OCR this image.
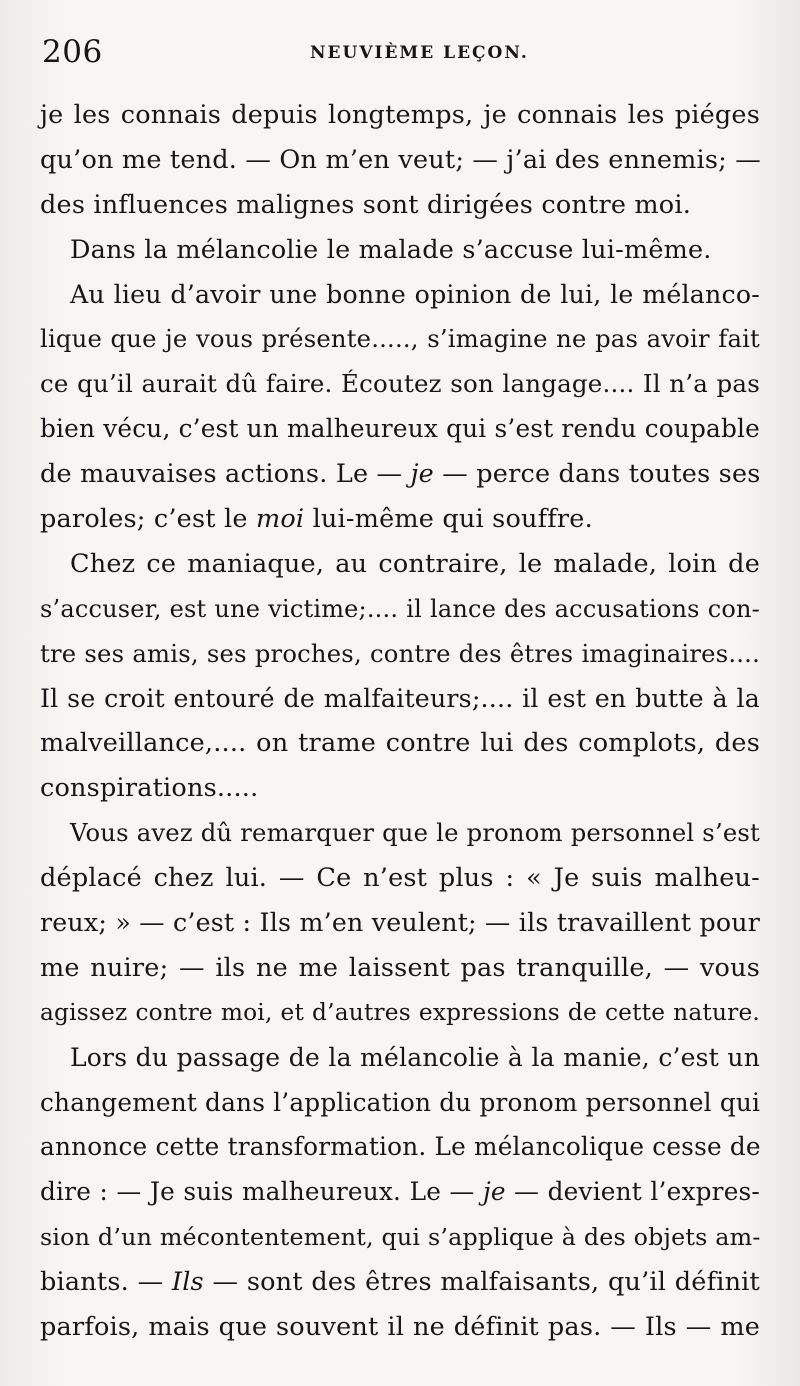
206	NEUVIÈME LEÇON.
je les connais depuis longtemps, je connais les piéges
qu’on me tend. — On m’en veut; — j’ai des ennemis; —
des influences malignes sont dirigées contre moi.
Dans la mélancolie le malade s’accuse lui-même.
Au lieu d’avoir une bonne opinion de lui, le mélanco-
lique que je vous présente....., s’imagine ne pas avoir fait
ce qu’il aurait dû faire. Écoutez son langage.... Il n’a pas
bien vécu, c’est un malheureux qui s’est rendu coupable
de mauvaises actions. Le — je — perce dans toutes ses
paroles; c’est le moi lui-même qui souffre.
Chez ce maniaque, au contraire, le malade, loin de
s’accuser, est une victime;.... il lance des accusations con-
tre ses amis, ses proches, contre des êtres imaginaires....
Il se croit entouré de malfaiteurs;.... il est en butte à la
malveillance,.... on trame contre lui des complots, des
conspirations.....
Vous avez dû remarquer que le pronom personnel s’est
déplacé chez lui. — Ce n’est plus : « Je suis malheu-
reux; » — c’est : Ils m’en veulent; — ils travaillent pour
me nuire; — ils ne me laissent pas tranquille, — vous
agissez contre moi, et d’autres expressions de cette nature.
Lors du passage de la mélancolie à la manie, c’est un
changement dans l’application du pronom personnel qui
annonce cette transformation. Le mélancolique cesse de
dire : — Je suis malheureux. Le — je — devient l’expres-
sion d’un mécontentement, qui s’applique à des objets am-
biants. — Ils — sont des êtres malfaisants, qu’il définit
parfois, mais que souvent il ne définit pas. — Ils — me
